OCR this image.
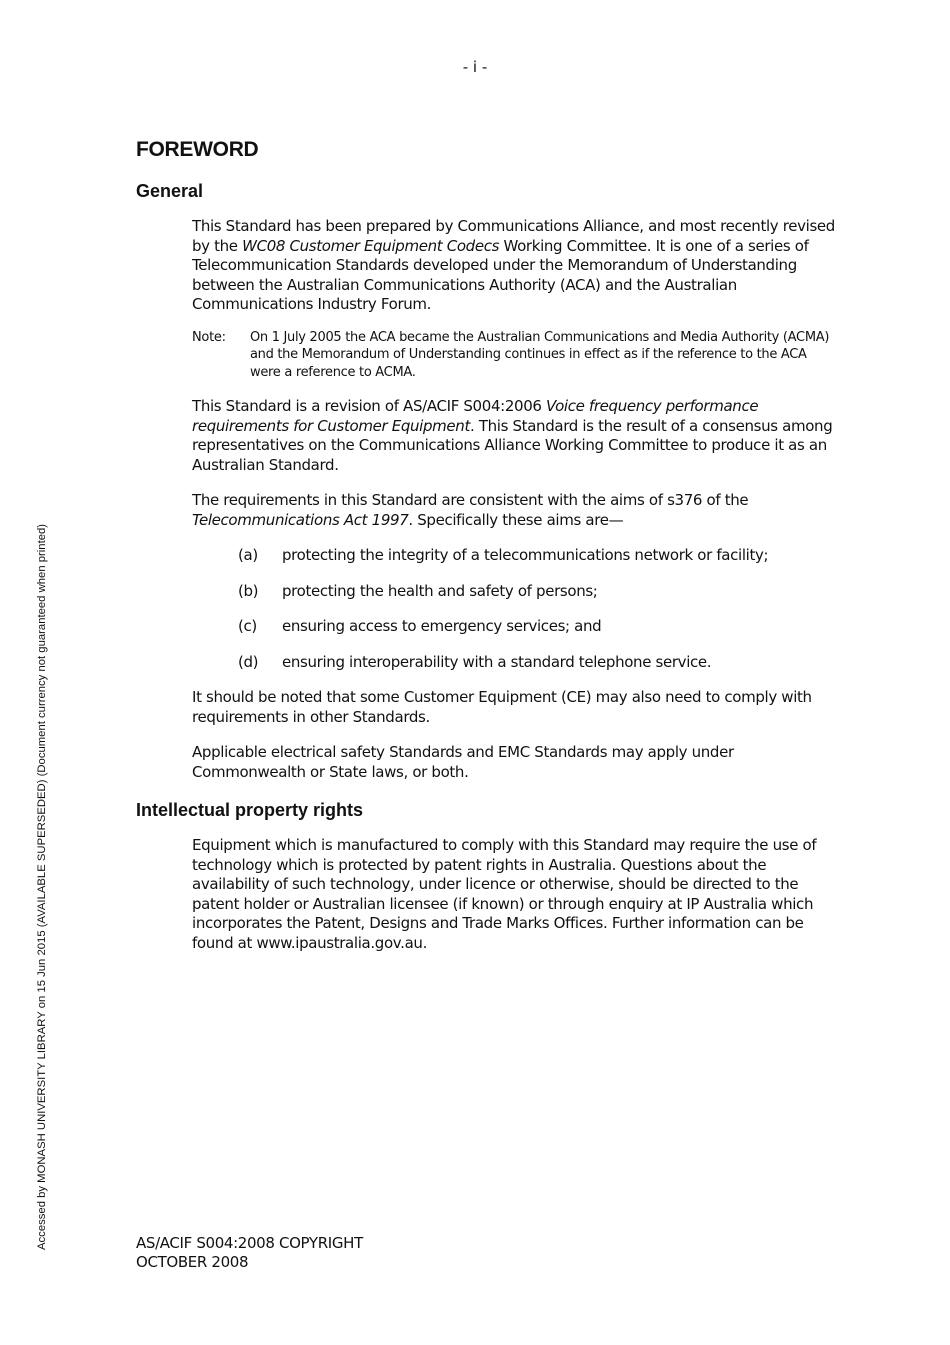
- i -
Accessed by MONASH UNIVERSITY LIBRARY on 15 Jun 2015 (AVAILABLE SUPERSEDED) (Document currency not guaranteed when printed)
FOREWORD
General

This Standard has been prepared by Communications Alliance, and most recently revised by the WC08 Customer Equipment Codecs Working Committee. It is one of a series of Telecommunication Standards developed under the Memorandum of Understanding between the Australian Communications Authority (ACA) and the Australian Communications Industry Forum.

Note:	On 1 July 2005 the ACA became the Australian Communications and Media Authority (ACMA) and the Memorandum of Understanding continues in effect as if the reference to the ACA were a reference to ACMA.

This Standard is a revision of AS/ACIF S004:2006 Voice frequency performance requirements for Customer Equipment. This Standard is the result of a consensus among representatives on the Communications Alliance Working Committee to produce it as an Australian Standard.

The requirements in this Standard are consistent with the aims of s376 of the Telecommunications Act 1997. Specifically these aims are—

(a)	protecting the integrity of a telecommunications network or facility;
(b)	protecting the health and safety of persons;
(c)	ensuring access to emergency services; and
(d)	ensuring interoperability with a standard telephone service.

It should be noted that some Customer Equipment (CE) may also need to comply with requirements in other Standards.

Applicable electrical safety Standards and EMC Standards may apply under Commonwealth or State laws, or both.

Intellectual property rights

Equipment which is manufactured to comply with this Standard may require the use of technology which is protected by patent rights in Australia. Questions about the availability of such technology, under licence or otherwise, should be directed to the patent holder or Australian licensee (if known) or through enquiry at IP Australia which incorporates the Patent, Designs and Trade Marks Offices. Further information can be found at www.ipaustralia.gov.au.

AS/ACIF S004:2008 COPYRIGHT
OCTOBER 2008
